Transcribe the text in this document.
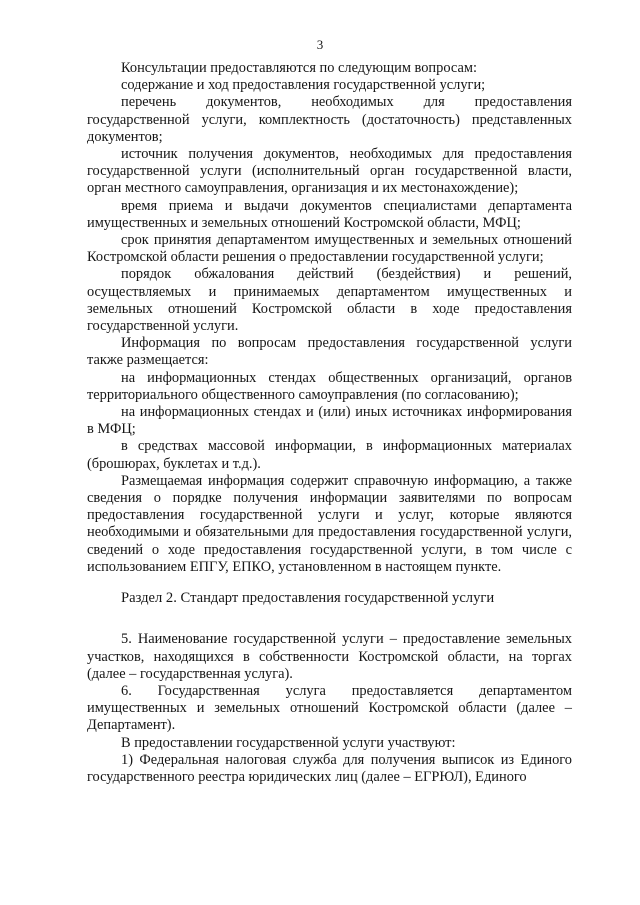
3

Консультации предоставляются по следующим вопросам:

содержание и ход предоставления государственной услуги;

перечень документов, необходимых для предоставления государственной услуги, комплектность (достаточность) представленных документов;

источник получения документов, необходимых для предоставления государственной услуги (исполнительный орган государственной власти, орган местного самоуправления, организация и их местонахождение);

время приема и выдачи документов специалистами департамента имущественных и земельных отношений Костромской области, МФЦ;

срок принятия департаментом имущественных и земельных отношений Костромской области решения о предоставлении государственной услуги;

порядок обжалования действий (бездействия) и решений, осуществляемых и принимаемых департаментом имущественных и земельных отношений Костромской области в ходе предоставления государственной услуги.

Информация по вопросам предоставления государственной услуги также размещается:

на информационных стендах общественных организаций, органов территориального общественного самоуправления (по согласованию);

на информационных стендах и (или) иных источниках информирования в МФЦ;

в средствах массовой информации, в информационных материалах (брошюрах, буклетах и т.д.).

Размещаемая информация содержит справочную информацию, а также сведения о порядке получения информации заявителями по вопросам предоставления государственной услуги и услуг, которые являются необходимыми и обязательными для предоставления государственной услуги, сведений о ходе предоставления государственной услуги, в том числе с использованием ЕПГУ, ЕПКО, установленном в настоящем пункте.

Раздел 2. Стандарт предоставления государственной услуги

5. Наименование государственной услуги – предоставление земельных участков, находящихся в собственности Костромской области, на торгах (далее – государственная услуга).

6. Государственная услуга предоставляется департаментом имущественных и земельных отношений Костромской области (далее – Департамент).

В предоставлении государственной услуги участвуют:

1) Федеральная налоговая служба для получения выписок из Единого государственного реестра юридических лиц (далее – ЕГРЮЛ), Единого
